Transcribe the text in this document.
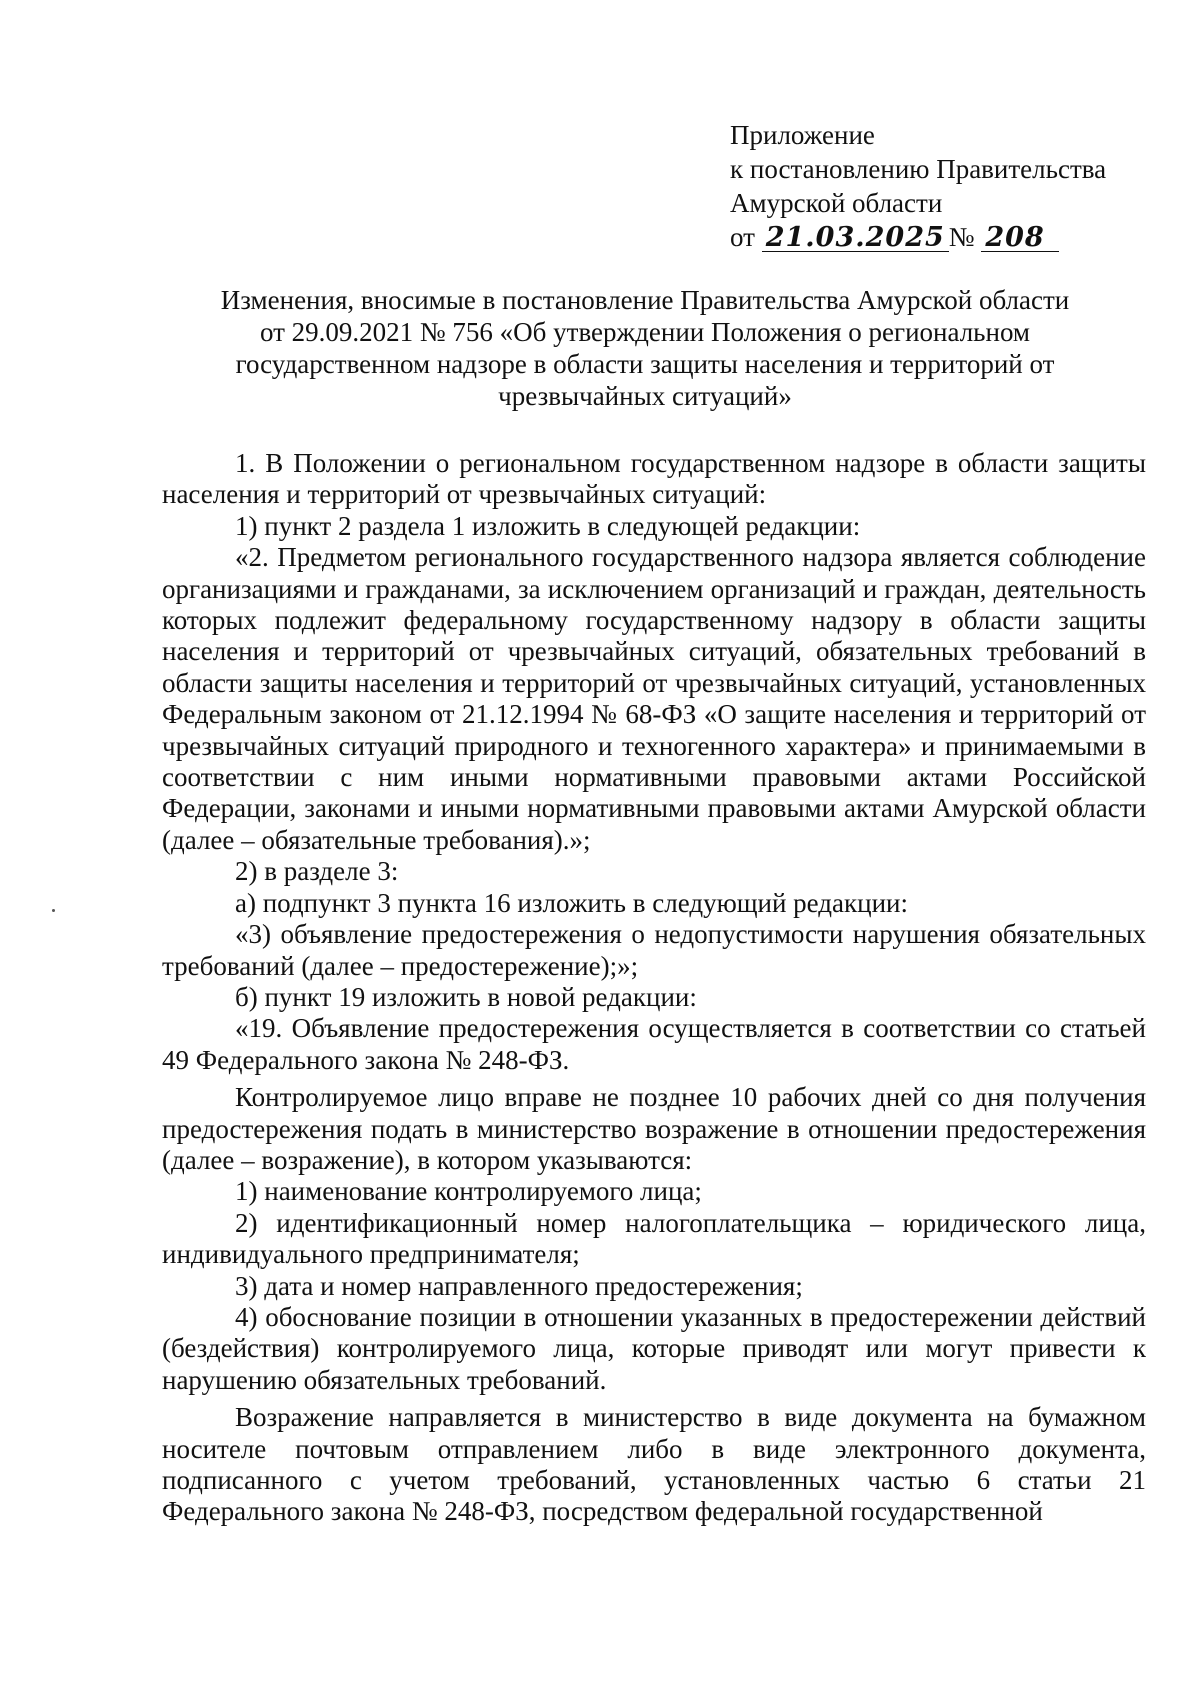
Приложение
к постановлению Правительства
Амурской области
от 21.03.2025 № 208
Изменения, вносимые в постановление Правительства Амурской области
от 29.09.2021 № 756 «Об утверждении Положения о региональном
государственном надзоре в области защиты населения и территорий от
чрезвычайных ситуаций»

1. В Положении о региональном государственном надзоре в области защиты населения и территорий от чрезвычайных ситуаций:

1) пункт 2 раздела 1 изложить в следующей редакции:

«2. Предметом регионального государственного надзора является соблюдение организациями и гражданами, за исключением организаций и граждан, деятельность которых подлежит федеральному государственному надзору в области защиты населения и территорий от чрезвычайных ситуаций, обязательных требований в области защиты населения и территорий от чрезвычайных ситуаций, установленных Федеральным законом от 21.12.1994 № 68-ФЗ «О защите населения и территорий от чрезвычайных ситуаций природного и техногенного характера» и принимаемыми в соответствии с ним иными нормативными правовыми актами Российской Федерации, законами и иными нормативными правовыми актами Амурской области (далее – обязательные требования).»;

2) в разделе 3:

а) подпункт 3 пункта 16 изложить в следующий редакции:

«3) объявление предостережения о недопустимости нарушения обязательных требований (далее – предостережение);»;

б) пункт 19 изложить в новой редакции:

«19. Объявление предостережения осуществляется в соответствии со статьей 49 Федерального закона № 248-ФЗ.

Контролируемое лицо вправе не позднее 10 рабочих дней со дня получения предостережения подать в министерство возражение в отношении предостережения (далее – возражение), в котором указываются:

1) наименование контролируемого лица;

2) идентификационный номер налогоплательщика – юридического лица, индивидуального предпринимателя;

3) дата и номер направленного предостережения;

4) обоснование позиции в отношении указанных в предостережении действий (бездействия) контролируемого лица, которые приводят или могут привести к нарушению обязательных требований.

Возражение направляется в министерство в виде документа на бумажном носителе почтовым отправлением либо в виде электронного документа, подписанного с учетом требований, установленных частью 6 статьи 21 Федерального закона № 248-ФЗ, посредством федеральной государственной
